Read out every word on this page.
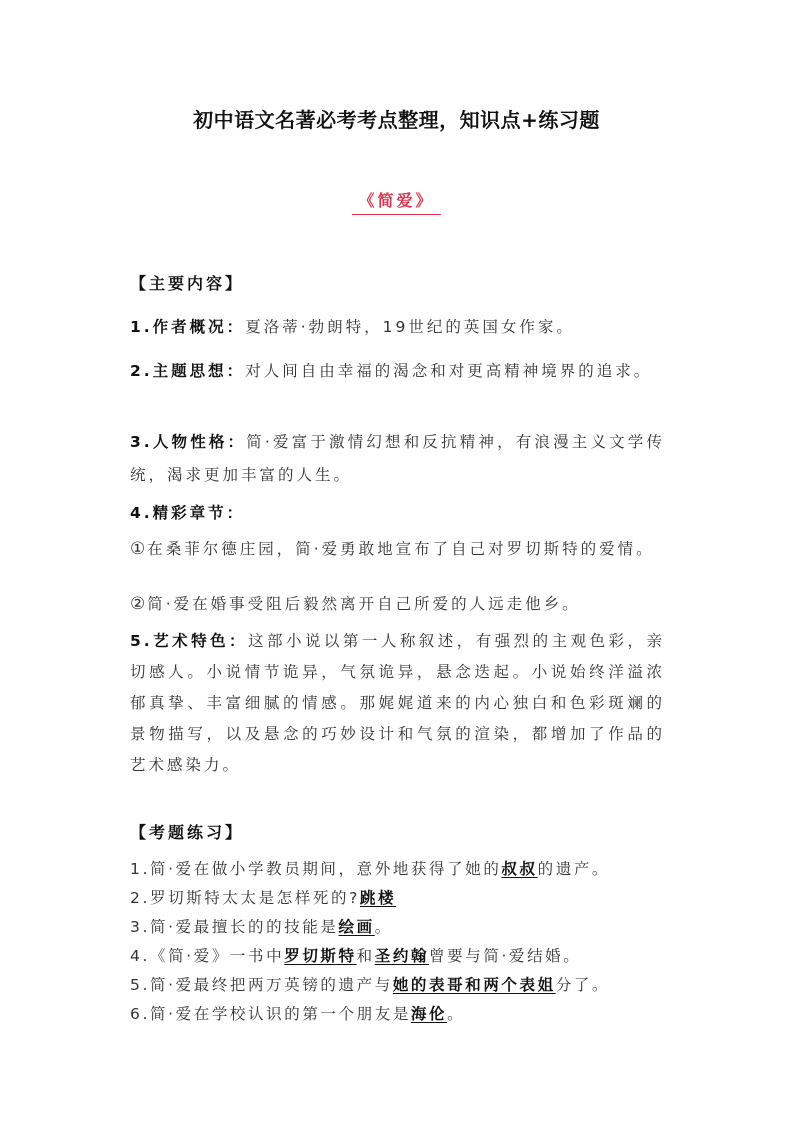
初中语文名著必考考点整理，知识点+练习题
《简爱》
【主要内容】
1.作者概况：夏洛蒂·勃朗特，19世纪的英国女作家。
2.主题思想：对人间自由幸福的渴念和对更高精神境界的追求。
3.人物性格：简·爱富于激情幻想和反抗精神，有浪漫主义文学传统，渴求更加丰富的人生。
4.精彩章节：
① 在桑菲尔德庄园，简·爱勇敢地宣布了自己对罗切斯特的爱情。
② 简·爱在婚事受阻后毅然离开自己所爱的人远走他乡。
5.艺术特色：这部小说以第一人称叙述，有强烈的主观色彩，亲切感人。小说情节诡异，气氛诡异，悬念迭起。小说始终洋溢浓郁真挚、丰富细腻的情感。那娓娓道来的内心独白和色彩斑斓的景物描写，以及悬念的巧妙设计和气氛的渲染，都增加了作品的艺术感染力。
【考题练习】
1.简·爱在做小学教员期间，意外地获得了她的叔叔的遗产。
2.罗切斯特太太是怎样死的?跳楼
3.简·爱最擅长的的技能是绘画。
4.《简·爱》一书中罗切斯特和圣约翰曾要与简·爱结婚。
5.简·爱最终把两万英镑的遗产与她的表哥和两个表姐分了。
6.简·爱在学校认识的第一个朋友是海伦。
